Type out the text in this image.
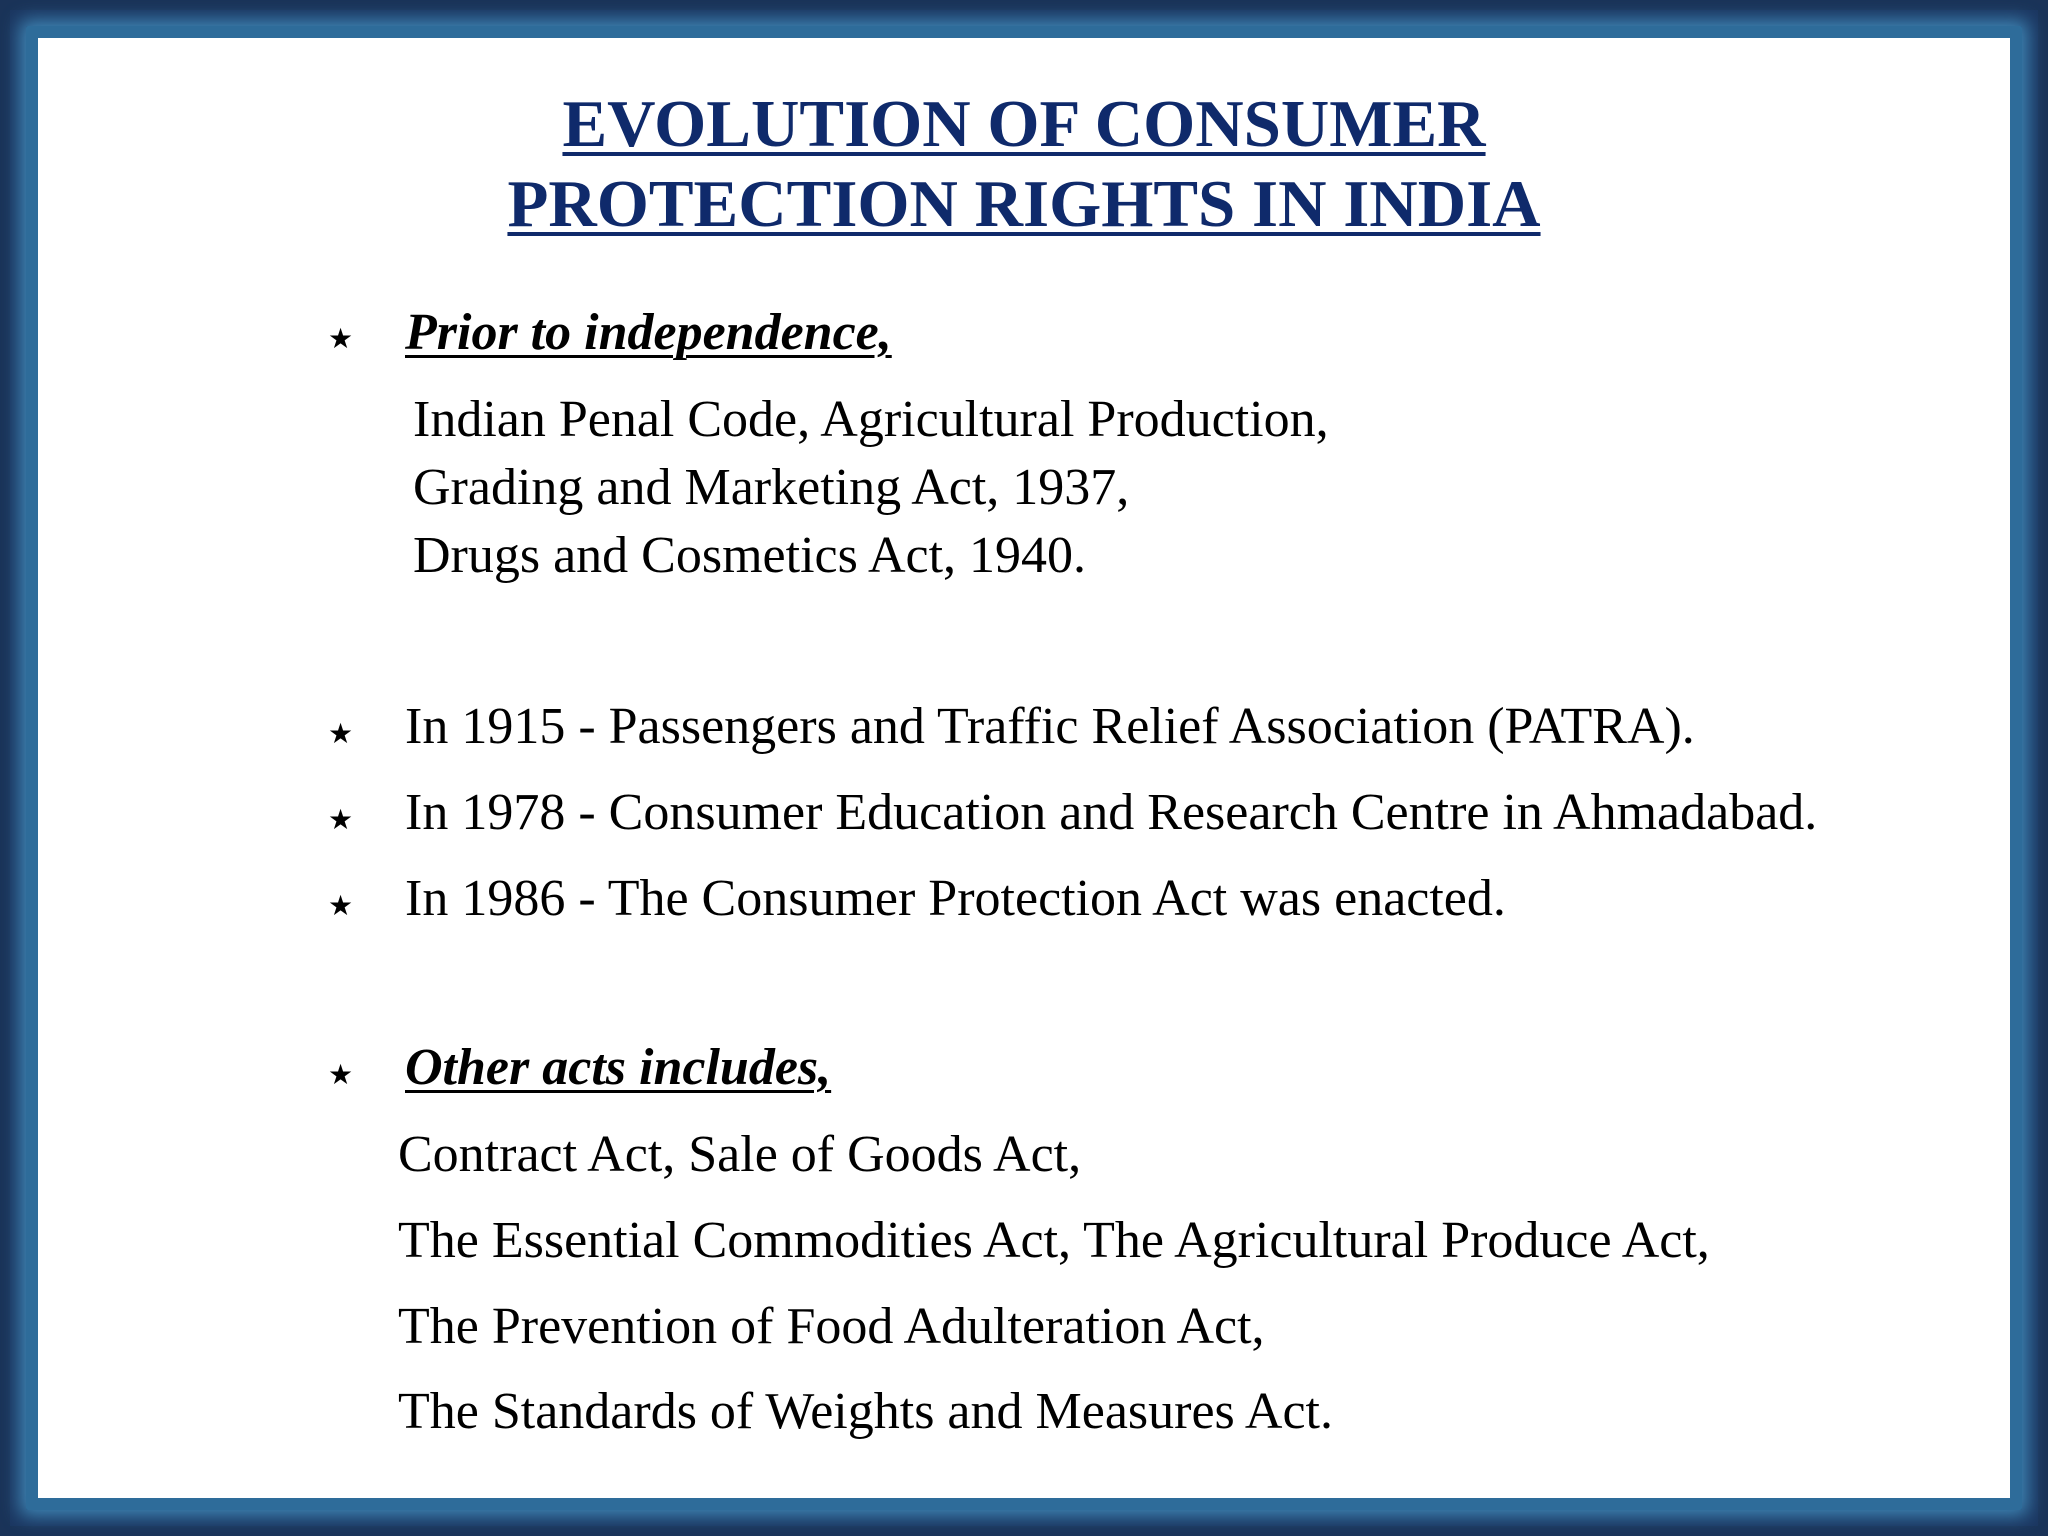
EVOLUTION OF CONSUMER
PROTECTION RIGHTS IN INDIA
★ Prior to independence,
Indian Penal Code, Agricultural Production,
Grading and Marketing Act, 1937,
Drugs and Cosmetics Act, 1940.
★ In 1915 - Passengers and Traffic Relief Association (PATRA).
★ In 1978 - Consumer Education and Research Centre in Ahmadabad.
★ In 1986 - The Consumer Protection Act was enacted.
★ Other acts includes,
Contract Act, Sale of Goods Act,
The Essential Commodities Act, The Agricultural Produce Act,
The Prevention of Food Adulteration Act,
The Standards of Weights and Measures Act.
